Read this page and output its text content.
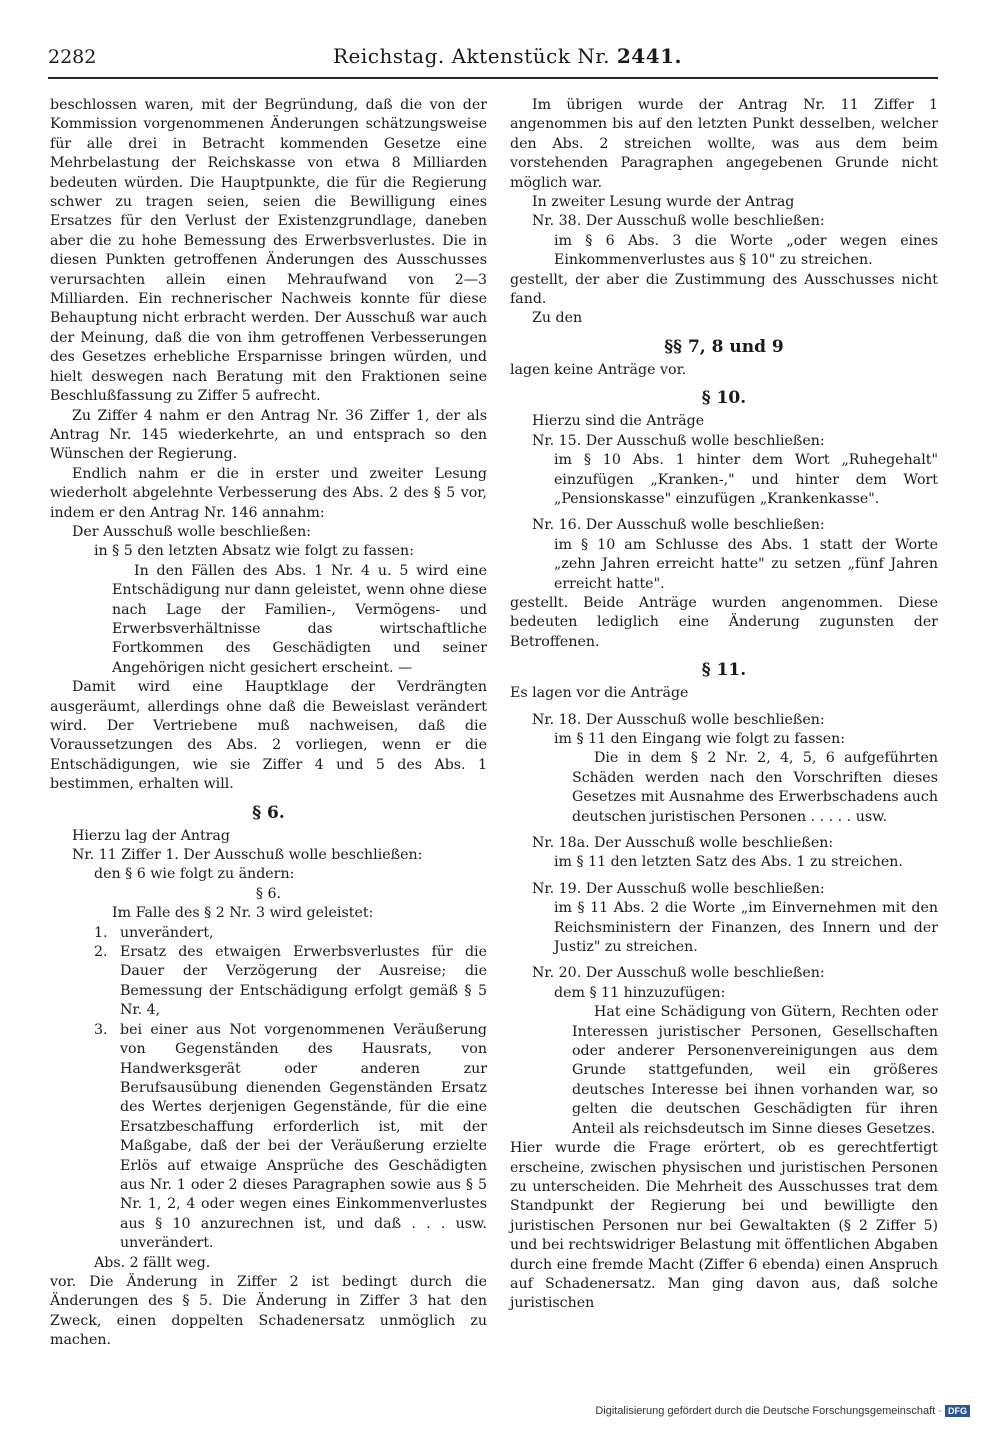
2282	Reichstag. Aktenstück Nr. 2441.

beschlossen waren, mit der Begründung, daß die von der Kommission vorgenommenen Änderungen schätzungsweise für alle drei in Betracht kommenden Gesetze eine Mehrbelastung der Reichskasse von etwa 8 Milliarden bedeuten würden. Die Hauptpunkte, die für die Regierung schwer zu tragen seien, seien die Bewilligung eines Ersatzes für den Verlust der Existenzgrundlage, daneben aber die zu hohe Bemessung des Erwerbsverlustes. Die in diesen Punkten getroffenen Änderungen des Ausschusses verursachten allein einen Mehraufwand von 2—3 Milliarden. Ein rechnerischer Nachweis konnte für diese Behauptung nicht erbracht werden. Der Ausschuß war auch der Meinung, daß die von ihm getroffenen Verbesserungen des Gesetzes erhebliche Ersparnisse bringen würden, und hielt deswegen nach Beratung mit den Fraktionen seine Beschlußfassung zu Ziffer 5 aufrecht.

Zu Ziffer 4 nahm er den Antrag Nr. 36 Ziffer 1, der als Antrag Nr. 145 wiederkehrte, an und entsprach so den Wünschen der Regierung.

Endlich nahm er die in erster und zweiter Lesung wiederholt abgelehnte Verbesserung des Abs. 2 des § 5 vor, indem er den Antrag Nr. 146 annahm:

Der Ausschuß wolle beschließen:

in § 5 den letzten Absatz wie folgt zu fassen:

In den Fällen des Abs. 1 Nr. 4 u. 5 wird eine Entschädigung nur dann geleistet, wenn ohne diese nach Lage der Familien-, Vermögens- und Erwerbsverhältnisse das wirtschaftliche Fortkommen des Geschädigten und seiner Angehörigen nicht gesichert erscheint. —

Damit wird eine Hauptklage der Verdrängten ausgeräumt, allerdings ohne daß die Beweislast verändert wird. Der Vertriebene muß nachweisen, daß die Voraussetzungen des Abs. 2 vorliegen, wenn er die Entschädigungen, wie sie Ziffer 4 und 5 des Abs. 1 bestimmen, erhalten will.

§ 6.

Hierzu lag der Antrag

Nr. 11 Ziffer 1. Der Ausschuß wolle beschließen:

den § 6 wie folgt zu ändern:

§ 6.

Im Falle des § 2 Nr. 3 wird geleistet:

1. unverändert,
2. Ersatz des etwaigen Erwerbsverlustes für die Dauer der Verzögerung der Ausreise; die Bemessung der Entschädigung erfolgt gemäß § 5 Nr. 4,
3. bei einer aus Not vorgenommenen Veräußerung von Gegenständen des Hausrats, von Handwerksgerät oder anderen zur Berufsausübung dienenden Gegenständen Ersatz des Wertes derjenigen Gegenstände, für die eine Ersatzbeschaffung erforderlich ist, mit der Maßgabe, daß der bei der Veräußerung erzielte Erlös auf etwaige Ansprüche des Geschädigten aus Nr. 1 oder 2 dieses Paragraphen sowie aus § 5 Nr. 1, 2, 4 oder wegen eines Einkommenverlustes aus § 10 anzurechnen ist, und daß . . . usw. unverändert.

Abs. 2 fällt weg.

vor. Die Änderung in Ziffer 2 ist bedingt durch die Änderungen des § 5. Die Änderung in Ziffer 3 hat den Zweck, einen doppelten Schadenersatz unmöglich zu machen.

Im übrigen wurde der Antrag Nr. 11 Ziffer 1 angenommen bis auf den letzten Punkt desselben, welcher den Abs. 2 streichen wollte, was aus dem beim vorstehenden Paragraphen angegebenen Grunde nicht möglich war.

In zweiter Lesung wurde der Antrag

Nr. 38. Der Ausschuß wolle beschließen:

im § 6 Abs. 3 die Worte „oder wegen eines Einkommenverlustes aus § 10" zu streichen.

gestellt, der aber die Zustimmung des Ausschusses nicht fand.

Zu den

§§ 7, 8 und 9

lagen keine Anträge vor.

§ 10.

Hierzu sind die Anträge

Nr. 15. Der Ausschuß wolle beschließen:

im § 10 Abs. 1 hinter dem Wort „Ruhegehalt" einzufügen „Kranken-," und hinter dem Wort „Pensionskasse" einzufügen „Krankenkasse".

Nr. 16. Der Ausschuß wolle beschließen:

im § 10 am Schlusse des Abs. 1 statt der Worte „zehn Jahren erreicht hatte" zu setzen „fünf Jahren erreicht hatte".

gestellt. Beide Anträge wurden angenommen. Diese bedeuten lediglich eine Änderung zugunsten der Betroffenen.

§ 11.

Es lagen vor die Anträge

Nr. 18. Der Ausschuß wolle beschließen:

im § 11 den Eingang wie folgt zu fassen:

Die in dem § 2 Nr. 2, 4, 5, 6 aufgeführten Schäden werden nach den Vorschriften dieses Gesetzes mit Ausnahme des Erwerbschadens auch deutschen juristischen Personen . . . . . usw.

Nr. 18a. Der Ausschuß wolle beschließen:

im § 11 den letzten Satz des Abs. 1 zu streichen.

Nr. 19. Der Ausschuß wolle beschließen:

im § 11 Abs. 2 die Worte „im Einvernehmen mit den Reichsministern der Finanzen, des Innern und der Justiz" zu streichen.

Nr. 20. Der Ausschuß wolle beschließen:

dem § 11 hinzuzufügen:

Hat eine Schädigung von Gütern, Rechten oder Interessen juristischer Personen, Gesellschaften oder anderer Personenvereinigungen aus dem Grunde stattgefunden, weil ein größeres deutsches Interesse bei ihnen vorhanden war, so gelten die deutschen Geschädigten für ihren Anteil als reichsdeutsch im Sinne dieses Gesetzes.

Hier wurde die Frage erörtert, ob es gerechtfertigt erscheine, zwischen physischen und juristischen Personen zu unterscheiden. Die Mehrheit des Ausschusses trat dem Standpunkt der Regierung bei und bewilligte den juristischen Personen nur bei Gewaltakten (§ 2 Ziffer 5) und bei rechtswidriger Belastung mit öffentlichen Abgaben durch eine fremde Macht (Ziffer 6 ebenda) einen Anspruch auf Schadenersatz. Man ging davon aus, daß solche juristischen

Digitalisierung gefördert durch die Deutsche Forschungsgemeinschaft · DFG
